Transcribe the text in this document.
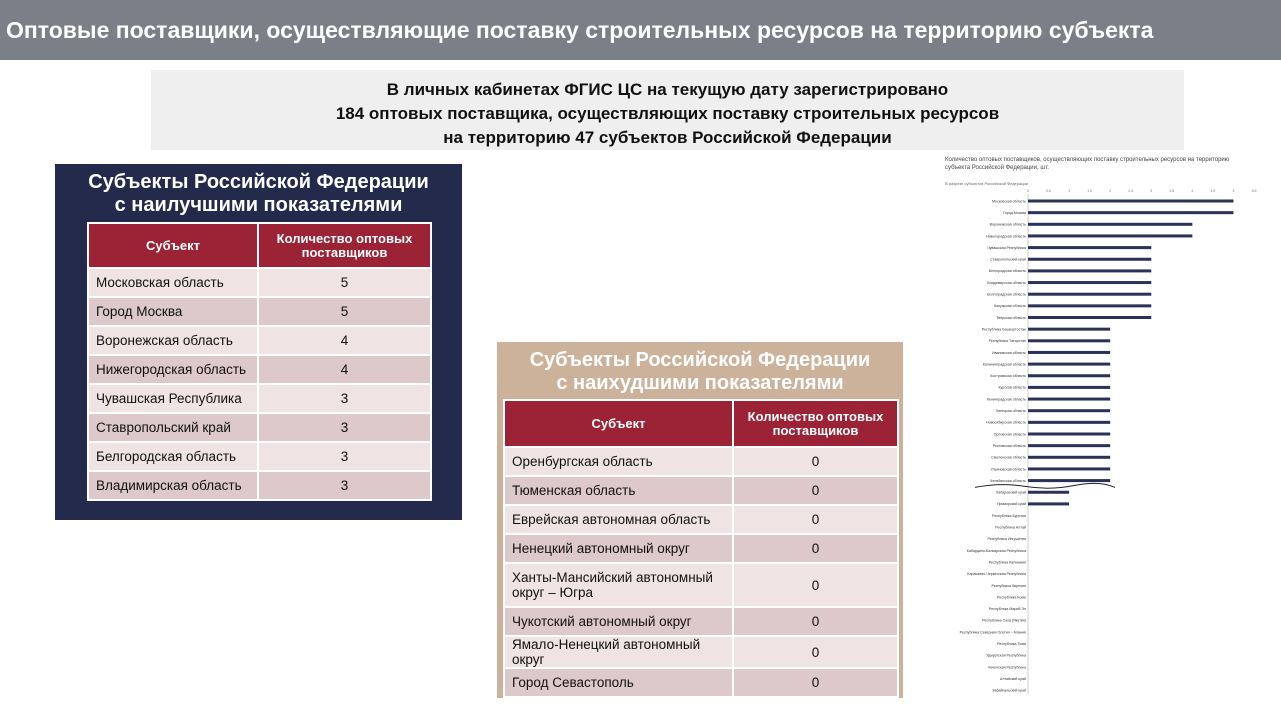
Оптовые поставщики, осуществляющие поставку строительных ресурсов на территорию субъекта
В личных кабинетах ФГИС ЦС на текущую дату зарегистрировано
184 оптовых поставщика, осуществляющих поставку строительных ресурсов
на территорию 47 субъектов Российской Федерации
Субъекты Российской Федерации
с наилучшими показателями
Субъект	Количество оптовых поставщиков
Московская область	5
Город Москва	5
Воронежская область	4
Нижегородская область	4
Чувашская Республика	3
Ставропольский край	3
Белгородская область	3
Владимирская область	3
Субъекты Российской Федерации
с наихудшими показателями
Субъект	Количество оптовых поставщиков
Оренбургская область	0
Тюменская область	0
Еврейская автономная область	0
Ненецкий автономный округ	0
Ханты-Мансийский автономный округ – Югра	0
Чукотский автономный округ	0
Ямало-Ненецкий автономный округ	0
Город Севастополь	0
Количество оптовых поставщиков, осуществляющих поставку строительных ресурсов на территорию
субъекта Российской Федерации, шт.
В разрезе субъектов Российской Федерации
0	0.5	1	1.5	2	2.5	3	3.5	4	4.5	5	5.5
Московская область
Город Москва
Воронежская область
Нижегородская область
Чувашская Республика
Ставропольский край
Белгородская область
Владимирская область
Волгоградская область
Калужская область
Тверская область
Республика Башкортостан
Республика Татарстан
Ивановская область
Калининградская область
Костромская область
Курская область
Ленинградская область
Липецкая область
Новосибирская область
Орловская область
Ростовская область
Смоленская область
Ульяновская область
Челябинская область
Хабаровский край
Приморский край
Республика Бурятия
Республика Алтай
Республика Ингушетия
Кабардино-Балкарская Республика
Республика Калмыкия
Карачаево-Черкесская Республика
Республика Карелия
Республика Коми
Республика Марий Эл
Республика Саха (Якутия)
Республика Северная Осетия – Алания
Республика Тыва
Удмуртская Республика
Чеченская Республика
Алтайский край
Забайкальский край
